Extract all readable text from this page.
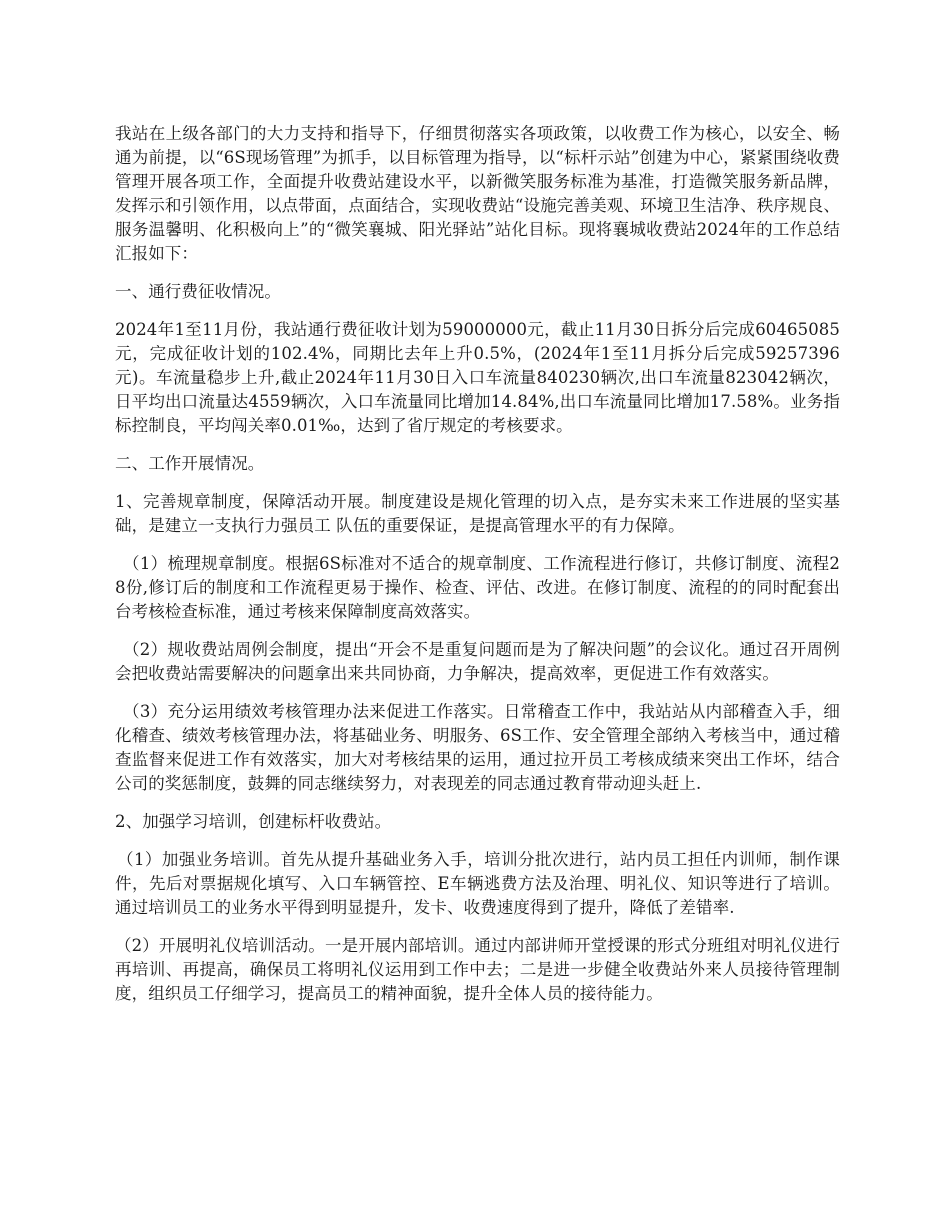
我站在上级各部门的大力支持和指导下，仔细贯彻落实各项政策，以收费工作为核心，以安全、畅通为前提，以“6S现场管理”为抓手，以目标管理为指导，以“标杆示站”创建为中心，紧紧围绕收费管理开展各项工作，全面提升收费站建设水平，以新微笑服务标准为基准，打造微笑服务新品牌，发挥示和引领作用，以点带面，点面结合，实现收费站“设施完善美观、环境卫生洁净、秩序规良、服务温馨明、化积极向上”的“微笑襄城、阳光驿站”站化目标。现将襄城收费站2024年的工作总结汇报如下：

一、通行费征收情况。

2024年1至11月份，我站通行费征收计划为59000000元，截止11月30日拆分后完成60465085元，完成征收计划的102.4%，同期比去年上升0.5%，(2024年1至11月拆分后完成59257396元)。车流量稳步上升,截止2024年11月30日入口车流量840230辆次,出口车流量823042辆次，日平均出口流量达4559辆次，入口车流量同比增加14.84%,出口车流量同比增加17.58%。业务指标控制良，平均闯关率0.01‰，达到了省厅规定的考核要求。

二、工作开展情况。

1、完善规章制度，保障活动开展。制度建设是规化管理的切入点，是夯实未来工作进展的坚实基础，是建立一支执行力强员工 队伍的重要保证，是提高管理水平的有力保障。

（1）梳理规章制度。根据6S标准对不适合的规章制度、工作流程进行修订，共修订制度、流程28份,修订后的制度和工作流程更易于操作、检查、评估、改进。在修订制度、流程的的同时配套出台考核检查标准，通过考核来保障制度高效落实。

（2）规收费站周例会制度，提出“开会不是重复问题而是为了解决问题”的会议化。通过召开周例会把收费站需要解决的问题拿出来共同协商，力争解决，提高效率，更促进工作有效落实。

（3）充分运用绩效考核管理办法来促进工作落实。日常稽查工作中，我站站从内部稽查入手，细化稽查、绩效考核管理办法，将基础业务、明服务、6S工作、安全管理全部纳入考核当中，通过稽查监督来促进工作有效落实，加大对考核结果的运用，通过拉开员工考核成绩来突出工作坏，结合公司的奖惩制度，鼓舞的同志继续努力，对表现差的同志通过教育带动迎头赶上.

2、加强学习培训，创建标杆收费站。

（1）加强业务培训。首先从提升基础业务入手，培训分批次进行，站内员工担任内训师，制作课件，先后对票据规化填写、入口车辆管控、E车辆逃费方法及治理、明礼仪、知识等进行了培训。通过培训员工的业务水平得到明显提升，发卡、收费速度得到了提升，降低了差错率.

（2）开展明礼仪培训活动。一是开展内部培训。通过内部讲师开堂授课的形式分班组对明礼仪进行再培训、再提高，确保员工将明礼仪运用到工作中去；二是进一步健全收费站外来人员接待管理制度，组织员工仔细学习，提高员工的精神面貌，提升全体人员的接待能力。
